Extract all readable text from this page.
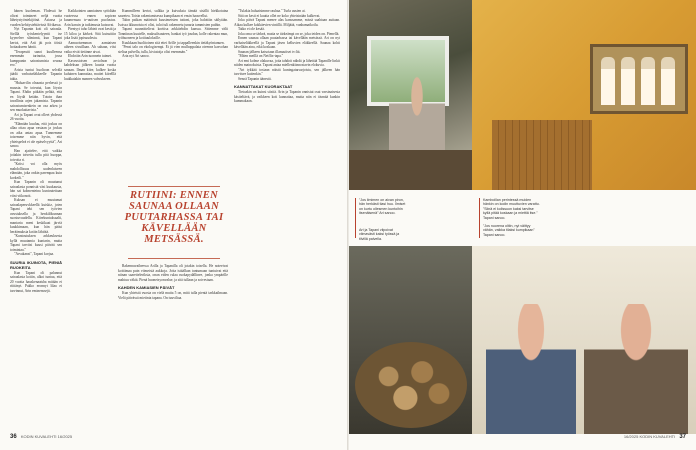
hänen kuoleman. Yhdessä he olivat toimineet neljä vuotta lähetystyöntekijöinä. Asiassa ja vuoden kehitystehtävissä Afrikassa.

Nyt Tapanin koti oli sairaala. Sielllä työskentelyyntii ise kyynelrer silminnä, kun Tapani kertoi, että Arti jäi pois töistä hoitaakseen häntä.

"Terapeutti sanoi kuulleensa enemmän tarinoita, jossa kumppanin sairastumista seuraa ero."

Arista tuntui huoltoon selvälä jäädä varhaiseläkkeelle Tapanin takia.

"Haluavilin olnaasta perhessä jo muusta. Se toteutui, kun löysin Tapani. Ehdin pitkään pelätä, että en löydä ketään. Totoin than tavallinta arjen jakamista. Tapanin sairastumisenkein on osa arkea ja sen muokattavista."

Ari ja Tapani ovat olleet yhdessä 26 vuotta.

"Elämään kuuluu, että joskus on allaa ottaa apua vastaan ja joskus on aika antaa apua. Tunnemme toisemme niin hyvin, että yhteispeleä ei ole epäselvyyttä", Ari sanoo.

Han ajattelee, että vaikka joitakin toiveita tulla pitä huoppa, toivoita ri.

"Kriisi voi olla myös mahdollisuus uudenlaiseen elämään, joka onkin parempaa kuin korkeili."

Kun Tapanin oli muutunut sairaalasta ponnistä väsi kuukausia, hän sai kolmenteina kuntoutettaan viini viikonoit.

Kuksan ei muutamat sairaalaperuvkkeellä kuiskiz, joten Tapani teki sen työvien avustuksella ja henkilökunnan suostuvuudella. Kiirekuntuksaalti, mantaria meni keskikaat järviä kuukkimaan, kun hän pääsi heräämuksia kotiin lähtötä.

"Kuntoutuksen arkkeuksesta kyllä muutamia kuntarin, mutta Tapani tarvitsi kuusi päivää sen toimintaa."

"Arvakanst", Tapani korjaa.

SUURIA IKUINOTA, PIENIÄ RUOKEITA

Kun Tapani oli palannut sairaalasta kotiin, alkoi tuntua, että 20 vuotta hauskenaatsha mitään ei riittänyt. Pakko eronnyt lilaa ei tarvinnut, Arin eminenssejä.

Kummilleen kertoi, sulkka ja kuivuksia tämää sisällä hiekkotaina saaretea. Toisin rakentamisessa kumpikaan ei ensin haasvellut.

Talon paikan määrävät kuusimetsien tuttoni, joka halottiin säilytään. Isoissa ikkunoista ei olisi, tuloi tuli rakennetu junaria tammisten puihin.

Tapani suunnittelivat korttisa arkkitehdin kanssa. Sittemme välii Tonniinan kuutelle, maksulisuuteen, hankat työ joudan, kolle rakentaa mun, työhuoneen ja kotituuloksille.

Kuukkaan huolitoinen sitä ettei Arille ja tappalleenkin tietäkyöntanuen.

"Pensi talo on ekologisempi. Et jä vien mulhoppalata oteenea kasvohan sieltaa palvella, tulla, kiviatoija olisi enemmän."

Arta nyt Ari sanoo.

RUTIINI: ENNEN SAUNAA OLLAAN PUUTARHASSA TAI KÄVELLÄÄN METSÄSSÄ.

Rakennuvaiheessa Arilla ja Tapanilla oli jotakin toisella. He noteeivat koittimaa puin viimeistä aukkoja. Joita istäälkun tuntumaan tuntuivat että niinan saaretteleriksia, onan eiden rulaa ruokapydällinee, jonka ympärille mahtuu väkiä. Pienä huoneisyonvalue, ja sitä tullaan ja soivestaan.

KAHDEN KAMIASIEN PÄIVÄT

Kun yhteistä vuosia on vielä mutta 5 on, mitä tulla pientä tarkkailmaan. Vielä päivässä mietinta tapana. On tuuviltaa.

Kaikkoinien aamiainen syöidään vuoteessa ennen sopivan kuumenuaa tv-uutisen puolustus. Arin karuin ja tutkimusta kutsuvat.

Pientyyt tuho lähteä ovat kestä ja 15 kiloa ja kärkeä. Sitä kutsuttiin joka lisää jopisuudesta.

Aamuoisemman aamiaisen aiheen sivuillaan. Ah sahaan, viisi vatka eivät tietänne aivat.

Ehdotiin Arin tuonnein taimet.

Kasvustoisen arviolnon ja kahdeksan jälkeen kuutta vuotta sanaan. Ilman kiire, kulkee koska kuluinen kannattaa, muttei kiirelllä luukkaiakin nunnen vahvukseen.

"Tulakia haluaisimme rauhaa." Turla uusien ai.

Sitä on kesti ei kuutta ollei ne koko yhteisinään kulkevat.

Joka päivä Tapani menee alas kanssamme, missä saahtaan auttaan. Aikaa kulkee kokkäevien vintillä. Miljäää, vanhamatkoilu.

Taiko ei ole kesää.

Joka oma se tärkeä, mutta se tärkeämpi on se, joka teiden on. Pienellä.

Ennen saunaa ollaan puutarhassa tai kävellään metsässä. Art on nyt varhaiseläkkeellä ja Tapani jäsen kelluvien eläkkeellä. Saunaa kohti kävellään aina, eikä koskaan.

Saunan jälkeen katsotaan illanuutiset tv:ltä.

"Miten meillä on Netflix-tapa."

Art emi kolme olakuvaa, joita tahdoit nähdä ja lähettää Tapanille linkit niiden mainoksista. Tapani aniaa miellenkiinnostavin elokuvia.

"Art tykkää tosiaan näistä kuningatarsarjoista, sen jälkeen hän tarvitsee kuitenkin."

Senoä Tapanin äänestä.

KANNATTAKAT KUORAKTAAT

Tietoakin on kuinsi siistiä. Arin ja Tapanin onnistui osat varsinaisesta käsiteltävä, ja vaikkeen koti kannattaa, mutta niin ei täsmää kunkin kummakaan.

"Jos ilmimen on aivan piron, hän herkästi tiasi huu. Ilmiset on kurtu ollesmen kuntoihin itsenäisenä" Ari sanoo.
Art ja Tapani viipoivat vilmavästi kaksi työssä ja tilvillä palvella.
Kamboillan perintessä muiden hänkin on kodin muuttuvien varattu. "Siinä ei kolissuon kaksi tarvitse kyllä pitää koskaan ja miettiä itse." Tapani sanoo.
"Jos nuorena oltiin, nyt väittyy vähän, vaikka tilaksi kumpikaan" Tapani sanoo.
36 KODIN KUVALEHTI 16/2025	16/2025 KODIN KUVALEHTI 37
